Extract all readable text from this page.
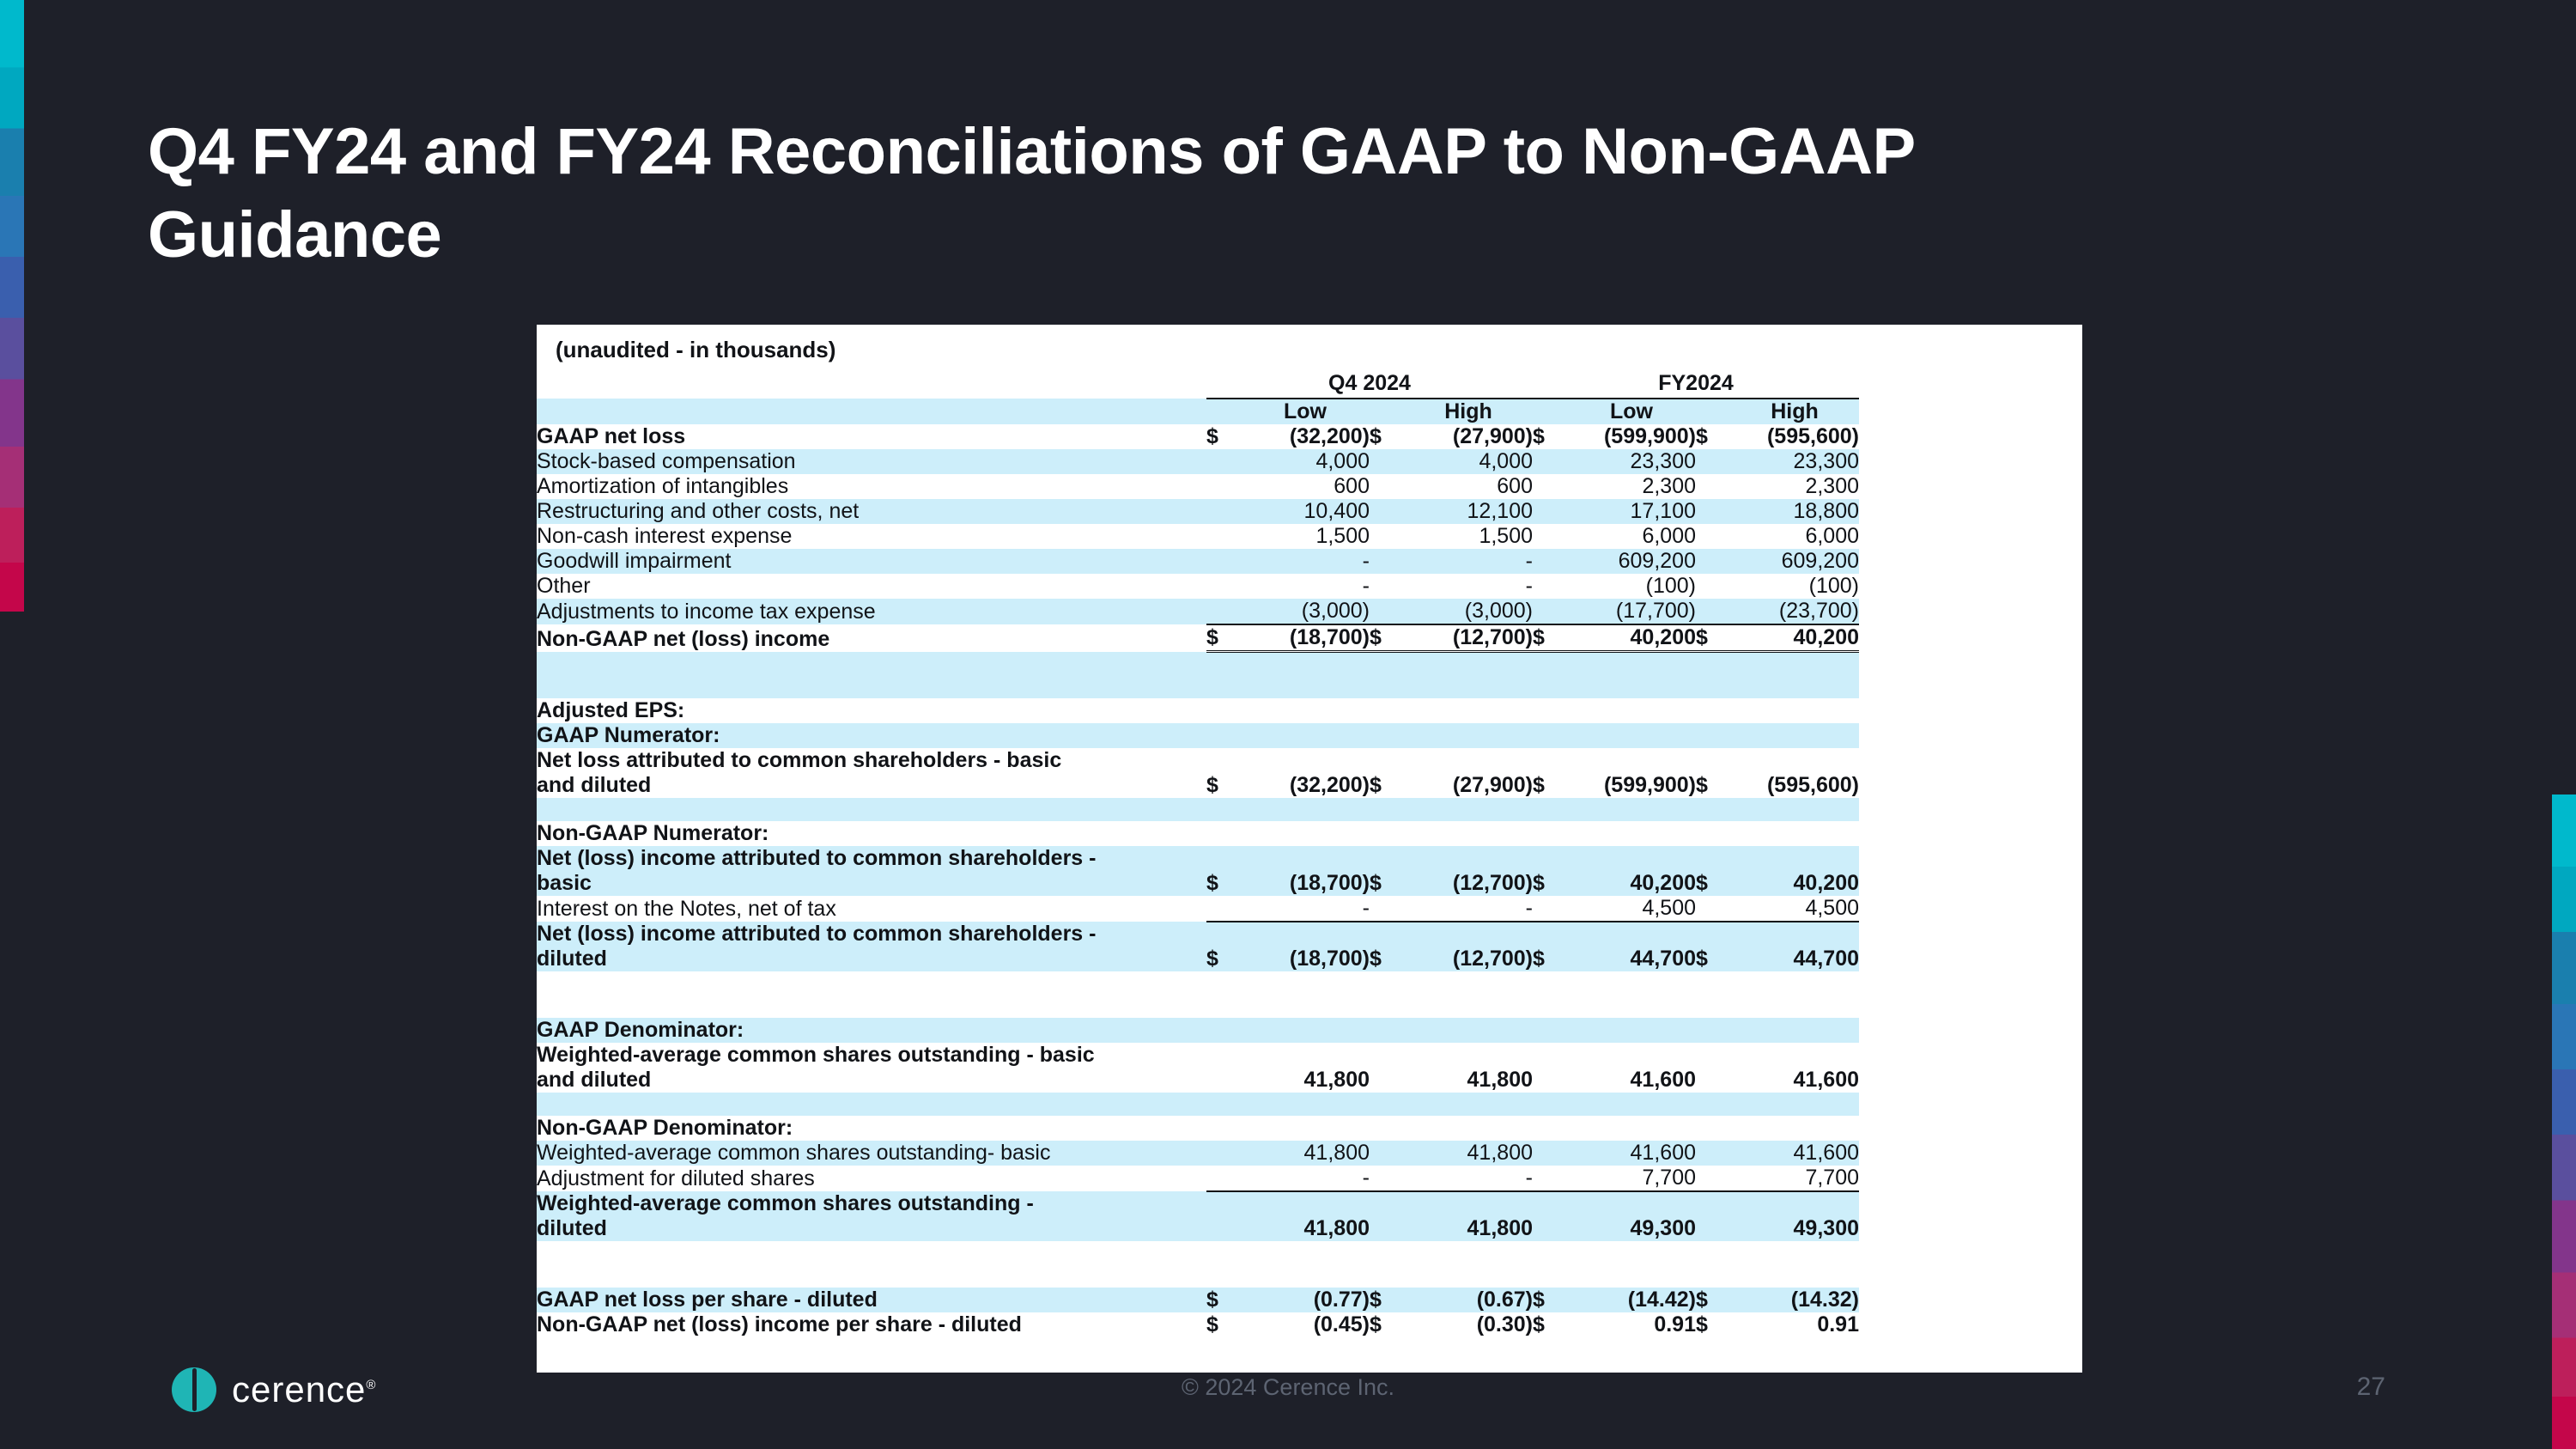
Q4 FY24 and FY24 Reconciliations of GAAP to Non-GAAP Guidance
(unaudited - in thousands)
	Q4 2024				FY2024				
		Low		High		Low		High	
GAAP net loss	$	(32,200)	$	(27,900)	$	(599,900)	$	(595,600)	
Stock-based compensation		4,000		4,000		23,300		23,300	
Amortization of intangibles		600		600		2,300		2,300	
Restructuring and other costs, net		10,400		12,100		17,100		18,800	
Non-cash interest expense		1,500		1,500		6,000		6,000	
Goodwill impairment		-		-		609,200		609,200	
Other		-		-		(100)		(100)	
Adjustments to income tax expense		(3,000)		(3,000)		(17,700)		(23,700)	
Non-GAAP net (loss) income	$	(18,700)	$	(12,700)	$	40,200	$	40,200	

Adjusted EPS:									
GAAP Numerator:									

Net loss attributed to common shareholders - basic
and diluted	$	(32,200)	$	(27,900)	$	(599,900)	$	(595,600)	

Non-GAAP Numerator:									

Net (loss) income attributed to common shareholders -
basic	$	(18,700)	$	(12,700)	$	40,200	$	40,200	
Interest on the Notes, net of tax		-		-		4,500		4,500	

Net (loss) income attributed to common shareholders -
diluted	$	(18,700)	$	(12,700)	$	44,700	$	44,700	

GAAP Denominator:									

Weighted-average common shares outstanding - basic
and diluted		41,800		41,800		41,600		41,600	

Non-GAAP Denominator:									
Weighted-average common shares outstanding- basic		41,800		41,800		41,600		41,600	
Adjustment for diluted shares		-		-		7,700		7,700	

Weighted-average common shares outstanding -
diluted		41,800		41,800		49,300		49,300	

GAAP net loss per share - diluted	$	(0.77)	$	(0.67)	$	(14.42)	$	(14.32)	
Non-GAAP net (loss) income per share - diluted	$	(0.45)	$	(0.30)	$	0.91	$	0.91	
cerence®	© 2024 Cerence Inc.	27
